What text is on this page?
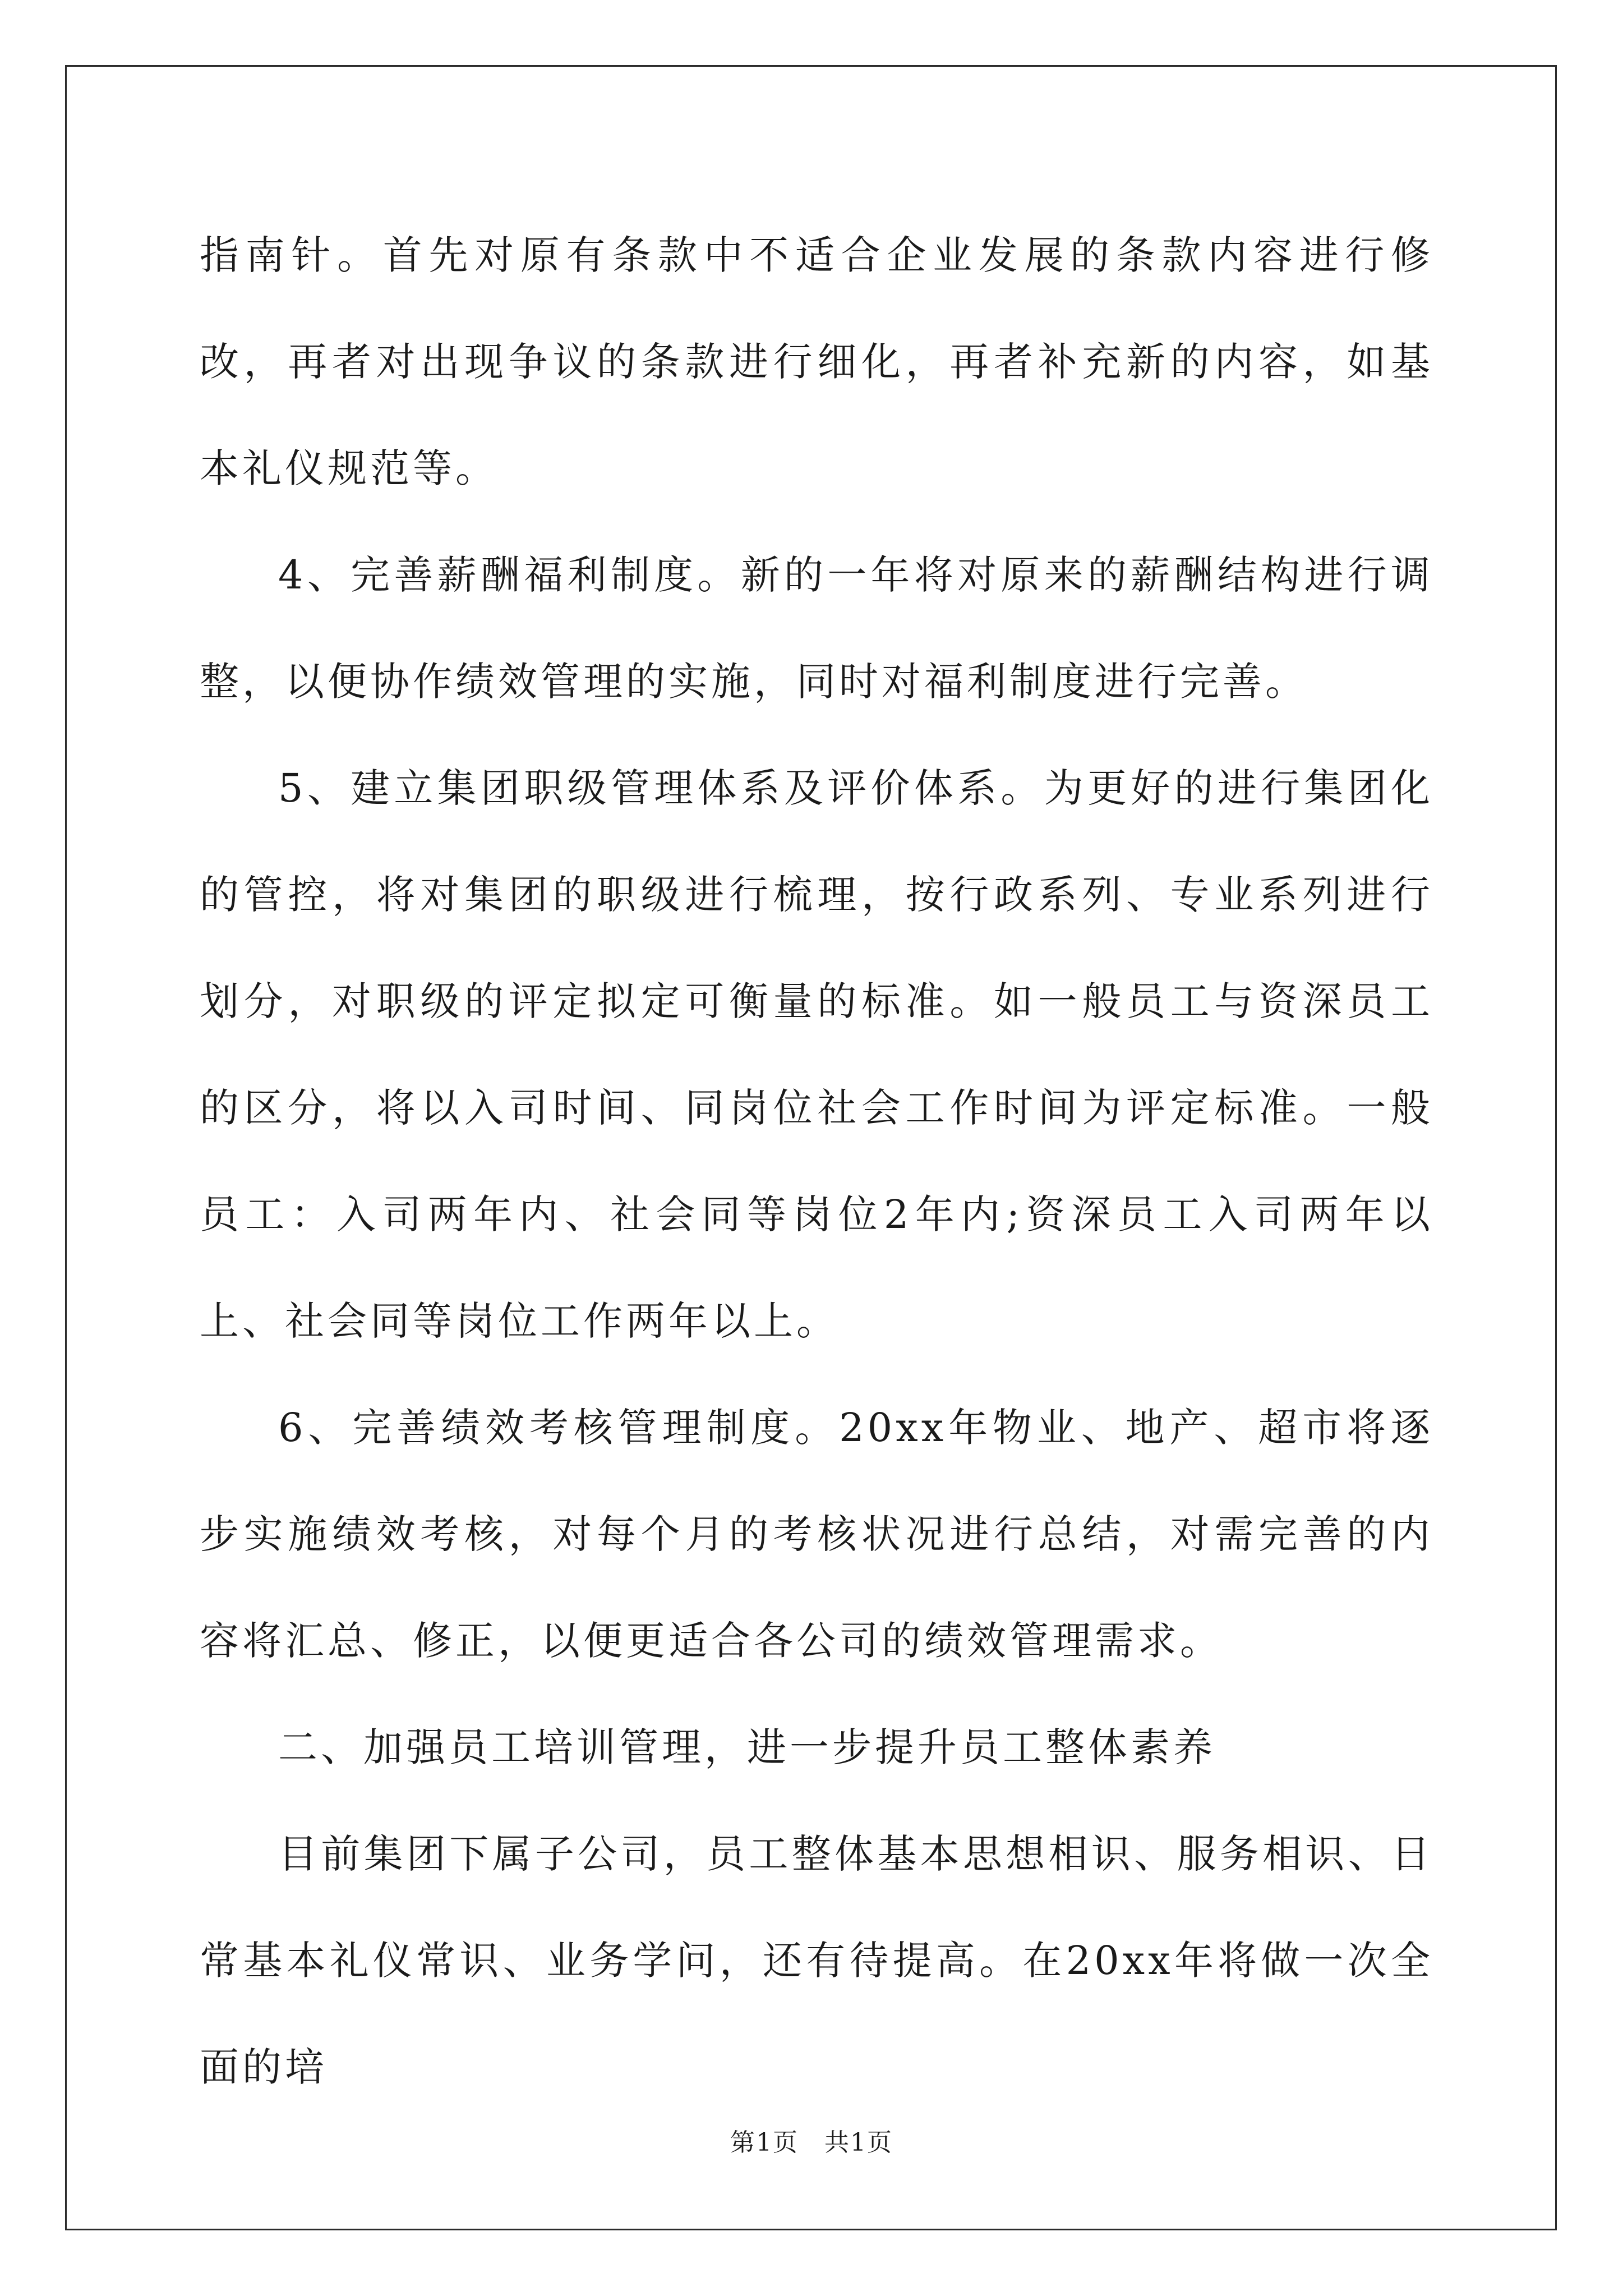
指南针。首先对原有条款中不适合企业发展的条款内容进行修改，再者对出现争议的条款进行细化，再者补充新的内容，如基本礼仪规范等。

4、完善薪酬福利制度。新的一年将对原来的薪酬结构进行调整，以便协作绩效管理的实施，同时对福利制度进行完善。

5、建立集团职级管理体系及评价体系。为更好的进行集团化的管控，将对集团的职级进行梳理，按行政系列、专业系列进行划分，对职级的评定拟定可衡量的标准。如一般员工与资深员工的区分，将以入司时间、同岗位社会工作时间为评定标准。一般员工：入司两年内、社会同等岗位2年内;资深员工入司两年以上、社会同等岗位工作两年以上。

6、完善绩效考核管理制度。20xx年物业、地产、超市将逐步实施绩效考核，对每个月的考核状况进行总结，对需完善的内容将汇总、修正，以便更适合各公司的绩效管理需求。

二、加强员工培训管理，进一步提升员工整体素养

目前集团下属子公司，员工整体基本思想相识、服务相识、日常基本礼仪常识、业务学问，还有待提高。在20xx年将做一次全面的培

第1页　共1页
